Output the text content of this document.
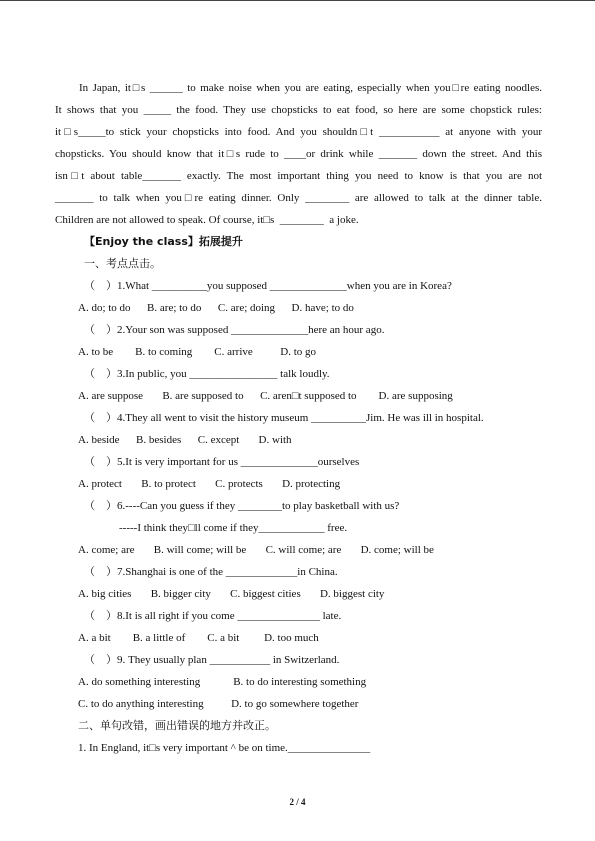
In Japan, it□s ______ to make noise when you are eating, especially when you□re eating noodles.
It shows that you _____ the food. They use chopsticks to eat food, so here are some chopstick rules:
it□s_____to stick your chopsticks into food. And you shouldn□t ___________ at anyone with your
chopsticks. You should know that it□s rude to ____or drink while _______ down the street. And this
isn□t about table_______ exactly. The most important thing you need to know is that you are not
_______ to talk when you□re eating dinner. Only ________ are allowed to talk at the dinner table.
Children are not allowed to speak. Of course, it□s  ________  a joke.
【Enjoy the class】拓展提升
一、考点点击。
（    ）1.What __________you supposed ______________when you are in Korea?
A. do; to do      B. are; to do      C. are; doing      D. have; to do
（    ）2.Your son was supposed ______________here an hour ago.
A. to be        B. to coming        C. arrive          D. to go
（    ）3.In public, you ________________ talk loudly.
A. are suppose       B. are supposed to      C. aren□t supposed to        D. are supposing
（    ）4.They all went to visit the history museum __________Jim. He was ill in hospital.
A. beside      B. besides      C. except       D. with
（    ）5.It is very important for us ______________ourselves
A. protect       B. to protect       C. protects       D. protecting
（    ）6.----Can you guess if they ________to play basketball with us?
-----I think they□ll come if they____________ free.
A. come; are       B. will come; will be       C. will come; are       D. come; will be
（    ）7.Shanghai is one of the _____________in China.
A. big cities       B. bigger city       C. biggest cities       D. biggest city
（    ）8.It is all right if you come _______________ late.
A. a bit        B. a little of        C. a bit         D. too much
（    ）9. They usually plan ___________ in Switzerland.
A. do something interesting            B. to do interesting something
C. to do anything interesting          D. to go somewhere together
二、单句改错，画出错误的地方并改正。
1. In England, it□s very important ^ be on time._______________
2 / 4
